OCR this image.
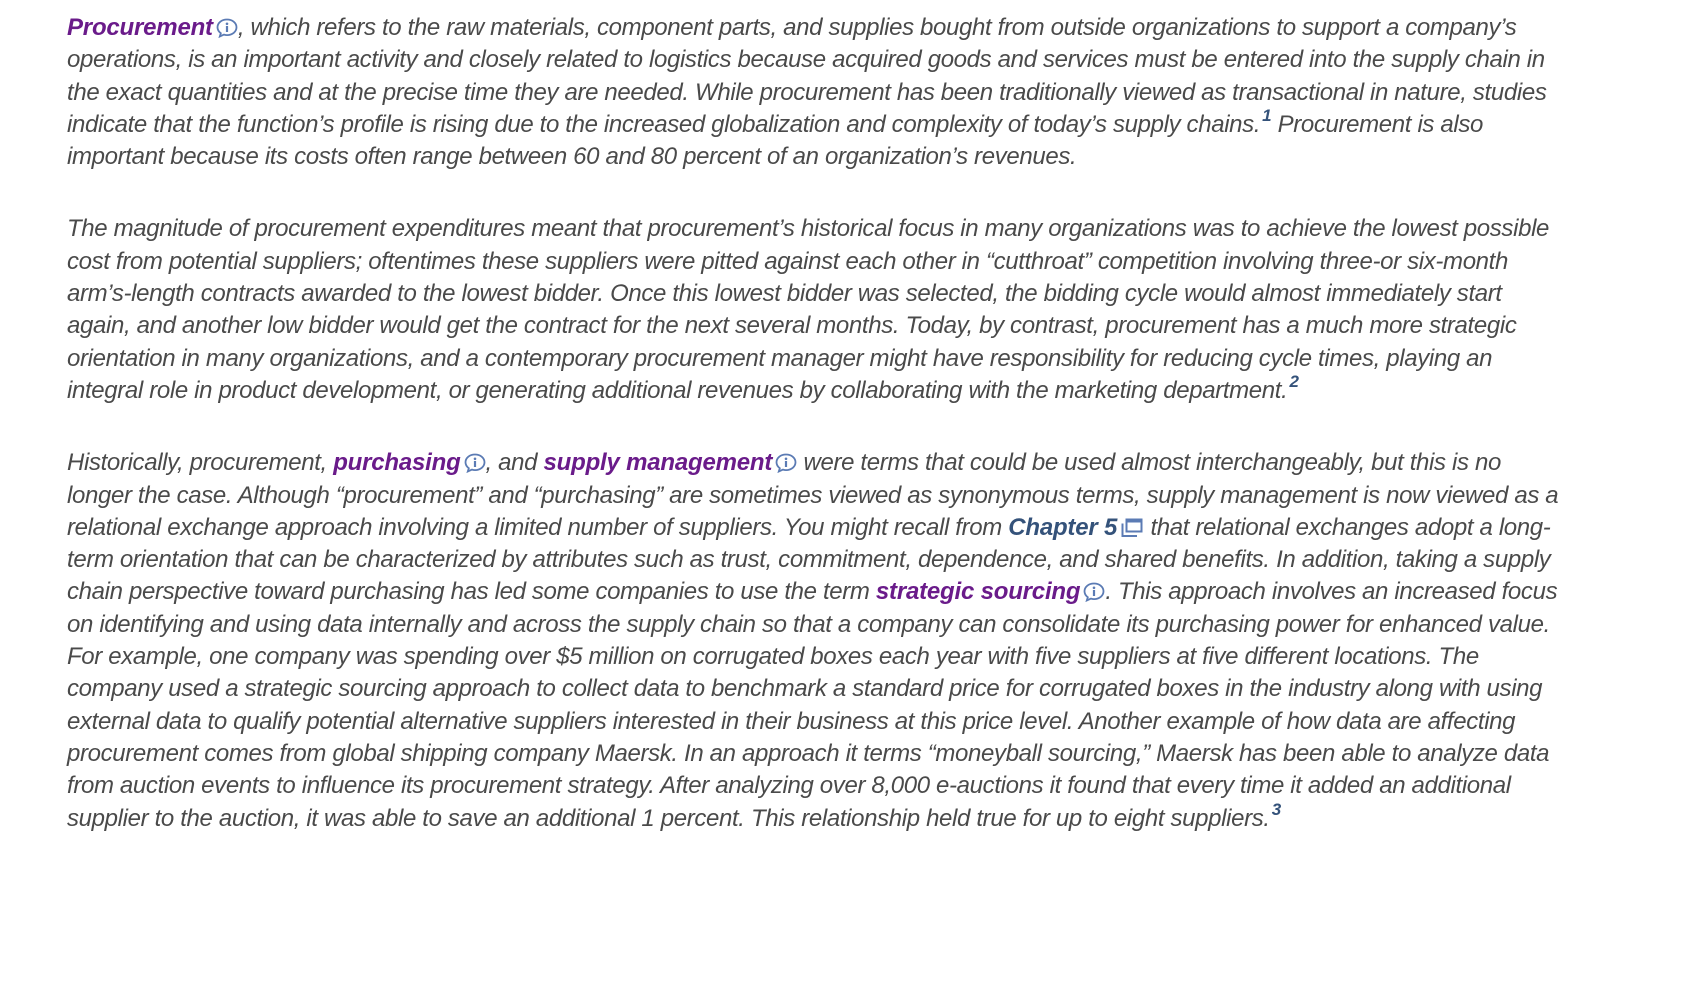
Procurement , which refers to the raw materials, component parts, and supplies bought from outside organizations to support a company’s operations, is an important activity and closely related to logistics because acquired goods and services must be entered into the supply chain in the exact quantities and at the precise time they are needed. While procurement has been traditionally viewed as transactional in nature, studies indicate that the function’s profile is rising due to the increased globalization and complexity of today’s supply chains. $^1$ Procurement is also important because its costs often range between 60 and 80 percent of an organization’s revenues.

The magnitude of procurement expenditures meant that procurement’s historical focus in many organizations was to achieve the lowest possible cost from potential suppliers; oftentimes these suppliers were pitted against each other in “cutthroat” competition involving three-or six-month arm’s-length contracts awarded to the lowest bidder. Once this lowest bidder was selected, the bidding cycle would almost immediately start again, and another low bidder would get the contract for the next several months. Today, by contrast, procurement has a much more strategic orientation in many organizations, and a contemporary procurement manager might have responsibility for reducing cycle times, playing an integral role in product development, or generating additional revenues by collaborating with the marketing department. $^2$

Historically, procurement, purchasing , and supply management
were terms that could be used almost interchangeably, but this is no longer the case. Although “procurement” and “purchasing” are sometimes viewed as synonymous terms, supply management is now viewed as a relational exchange approach involving a limited number of suppliers. You might recall from Chapter 5
that relational exchanges adopt a long-term orientation that can be characterized by attributes such as trust, commitment, dependence, and shared benefits. In addition, taking a supply chain perspective toward purchasing has led some companies to use the term strategic sourcing . This approach involves an increased focus on identifying and using data internally and across the supply chain so that a company can consolidate its purchasing power for enhanced value. For example, one company was spending over $5 million on corrugated boxes each year with five suppliers at five different locations. The company used a strategic sourcing approach to collect data to benchmark a standard price for corrugated boxes in the industry along with using external data to qualify potential alternative suppliers interested in their business at this price level. Another example of how data are affecting procurement comes from global shipping company Maersk. In an approach it terms “moneyball sourcing,” Maersk has been able to analyze data from auction events to influence its procurement strategy. After analyzing over 8,000 e-auctions it found that every time it added an additional supplier to the auction, it was able to save an additional 1 percent. This relationship held true for up to eight suppliers. $^3$
